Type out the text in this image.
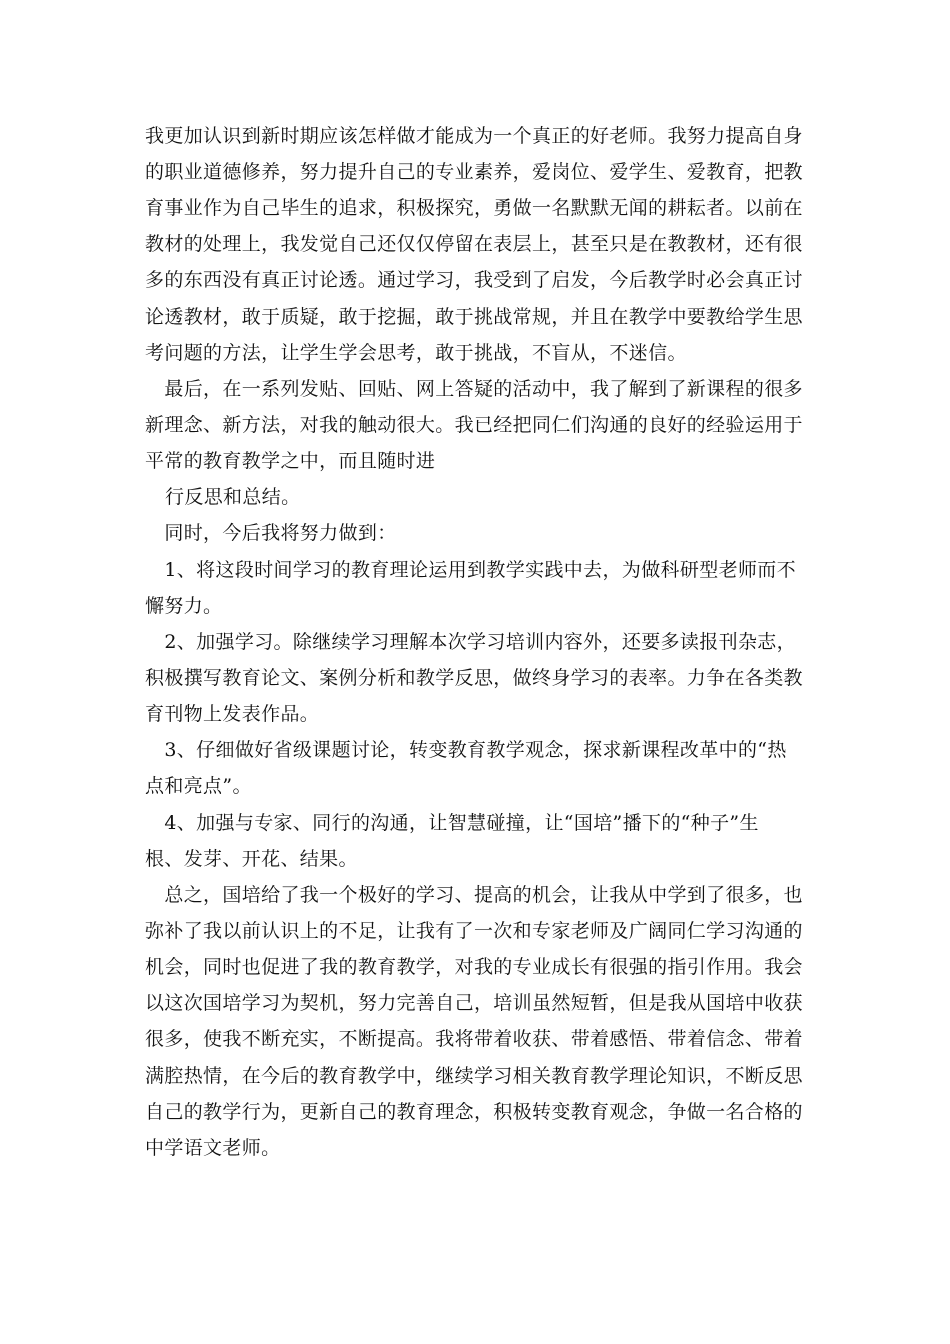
我更加认识到新时期应该怎样做才能成为一个真正的好老师。我努力提高自身
的职业道德修养，努力提升自己的专业素养，爱岗位、爱学生、爱教育，把教
育事业作为自己毕生的追求，积极探究，勇做一名默默无闻的耕耘者。以前在
教材的处理上，我发觉自己还仅仅停留在表层上，甚至只是在教教材，还有很
多的东西没有真正讨论透。通过学习，我受到了启发，今后教学时必会真正讨
论透教材，敢于质疑，敢于挖掘，敢于挑战常规，并且在教学中要教给学生思
考问题的方法，让学生学会思考，敢于挑战，不盲从，不迷信。
　最后，在一系列发贴、回贴、网上答疑的活动中，我了解到了新课程的很多
新理念、新方法，对我的触动很大。我已经把同仁们沟通的良好的经验运用于
平常的教育教学之中，而且随时进
行反思和总结。
　同时，今后我将努力做到：
　1、将这段时间学习的教育理论运用到教学实践中去，为做科研型老师而不
懈努力。
　2、加强学习。除继续学习理解本次学习培训内容外，还要多读报刊杂志，
积极撰写教育论文、案例分析和教学反思，做终身学习的表率。力争在各类教
育刊物上发表作品。
　3、仔细做好省级课题讨论，转变教育教学观念，探求新课程改革中的“热
点和亮点”。
　4、加强与专家、同行的沟通，让智慧碰撞，让“国培”播下的“种子”生
根、发芽、开花、结果。
　总之，国培给了我一个极好的学习、提高的机会，让我从中学到了很多，也
弥补了我以前认识上的不足，让我有了一次和专家老师及广阔同仁学习沟通的
机会，同时也促进了我的教育教学，对我的专业成长有很强的指引作用。我会
以这次国培学习为契机，努力完善自己，培训虽然短暂，但是我从国培中收获
很多，使我不断充实，不断提高。我将带着收获、带着感悟、带着信念、带着
满腔热情，在今后的教育教学中，继续学习相关教育教学理论知识，不断反思
自己的教学行为，更新自己的教育理念，积极转变教育观念，争做一名合格的
中学语文老师。
